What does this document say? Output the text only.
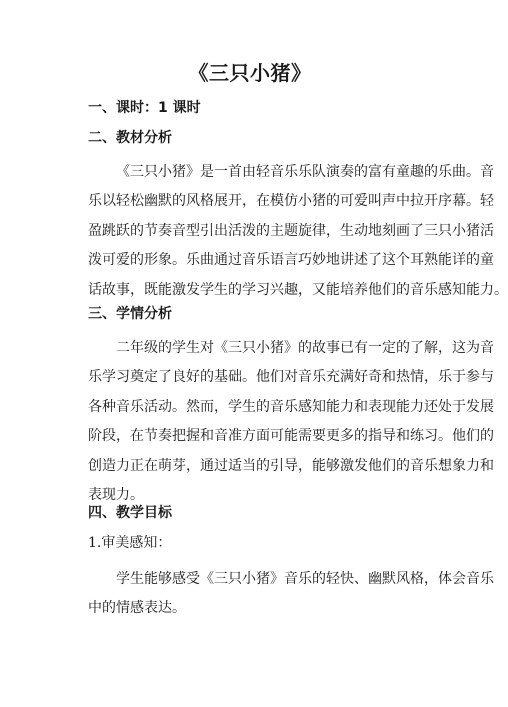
《三只小猪》
一、课时：1 课时
二、教材分析
《三只小猪》是一首由轻音乐乐队演奏的富有童趣的乐曲。音
乐以轻松幽默的风格展开，在模仿小猪的可爱叫声中拉开序幕。轻
盈跳跃的节奏音型引出活泼的主题旋律，生动地刻画了三只小猪活
泼可爱的形象。乐曲通过音乐语言巧妙地讲述了这个耳熟能详的童
话故事，既能激发学生的学习兴趣，又能培养他们的音乐感知能力。
三、学情分析
二年级的学生对《三只小猪》的故事已有一定的了解，这为音
乐学习奠定了良好的基础。他们对音乐充满好奇和热情，乐于参与
各种音乐活动。然而，学生的音乐感知能力和表现能力还处于发展
阶段，在节奏把握和音准方面可能需要更多的指导和练习。他们的
创造力正在萌芽，通过适当的引导，能够激发他们的音乐想象力和
表现力。
四、教学目标
1.审美感知：
学生能够感受《三只小猪》音乐的轻快、幽默风格，体会音乐
中的情感表达。
